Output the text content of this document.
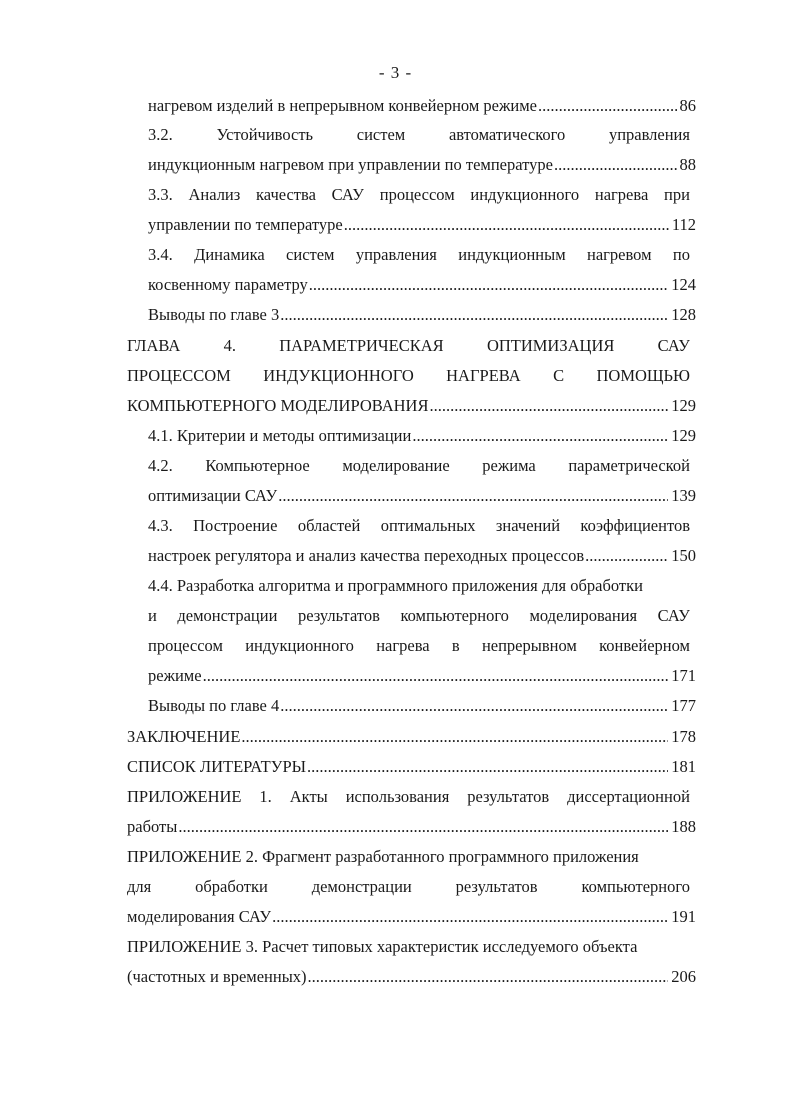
- 3 -
нагревом изделий в непрерывном конвейерном режиме .....	86
3.2.	Устойчивость	систем	автоматического	управления
индукционным нагревом при управлении по температуре .....	88
3.3. Анализ качества САУ процессом индукционного нагрева при
управлении по температуре .....	112
3.4. Динамика систем управления индукционным нагревом по
косвенному параметру .....	124
Выводы по главе 3 .....	128
ГЛАВА	4.	ПАРАМЕТРИЧЕСКАЯ	ОПТИМИЗАЦИЯ	САУ
ПРОЦЕССОМ ИНДУКЦИОННОГО НАГРЕВА С ПОМОЩЬЮ
КОМПЬЮТЕРНОГО МОДЕЛИРОВАНИЯ .....	129
4.1. Критерии и методы оптимизации .....	129
4.2. Компьютерное моделирование режима параметрической
оптимизации САУ .....	139
4.3. Построение областей оптимальных значений коэффициентов
настроек регулятора и анализ качества переходных процессов .....	150
4.4. Разработка алгоритма и программного приложения для обработки
и демонстрации результатов компьютерного моделирования САУ
процессом индукционного нагрева в непрерывном конвейерном
режиме .....	171
Выводы по главе 4 .....	177
ЗАКЛЮЧЕНИЕ .....	178
СПИСОК ЛИТЕРАТУРЫ .....	181
ПРИЛОЖЕНИЕ 1. Акты использования результатов диссертационной
работы .....	188
ПРИЛОЖЕНИЕ 2. Фрагмент разработанного программного приложения
для	обработки	демонстрации	результатов	компьютерного
моделирования САУ .....	191
ПРИЛОЖЕНИЕ 3. Расчет типовых характеристик исследуемого объекта
(частотных и временных) .....	206
